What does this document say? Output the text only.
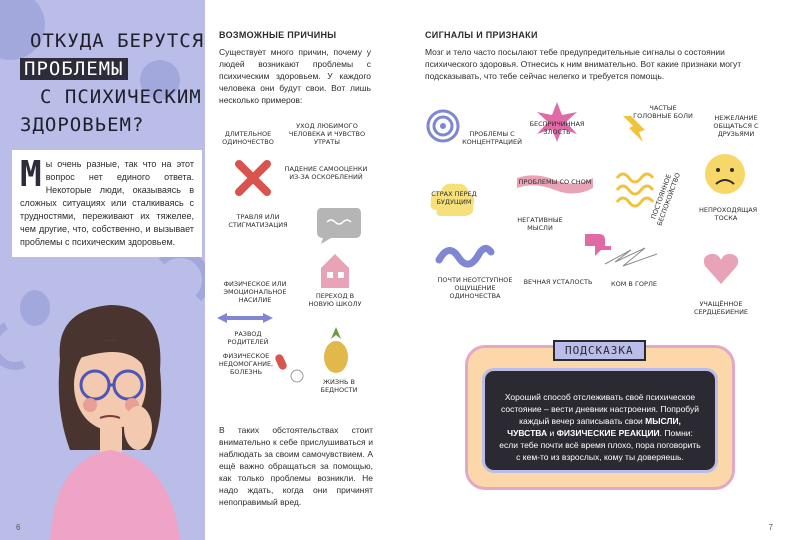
ОТКУДА БЕРУТСЯ
ПРОБЛЕМЫ
С ПСИХИЧЕСКИМ
ЗДОРОВЬЕМ?
М ы очень разные, так что на этот вопрос нет единого ответа. Некоторые люди, оказываясь в сложных ситуациях или сталкиваясь с трудностями, переживают их тяжелее, чем другие, что, собственно, и вызывает проблемы с психическим здоровьем.
6
ВОЗМОЖНЫЕ ПРИЧИНЫ

Существует много причин, почему у людей возникают проблемы с психическим здоровьем. У каждого человека они будут свои. Вот лишь несколько примеров:

ДЛИТЕЛЬНОЕ ОДИНОЧЕСТВО
УХОД ЛЮБИМОГО ЧЕЛОВЕКА И ЧУВСТВО УТРАТЫ
ПАДЕНИЕ САМООЦЕНКИ ИЗ-ЗА ОСКОРБЛЕНИЙ
ТРАВЛЯ ИЛИ СТИГМАТИЗАЦИЯ
ФИЗИЧЕСКОЕ ИЛИ ЭМОЦИОНАЛЬНОЕ НАСИЛИЕ	ПЕРЕХОД В НОВУЮ ШКОЛУ
РАЗВОД РОДИТЕЛЕЙ
ФИЗИЧЕСКОЕ НЕДОМОГАНИЕ, БОЛЕЗНЬ
ЖИЗНЬ В БЕДНОСТИ

В таких обстоятельствах стоит внимательно к себе прислушиваться и наблюдать за своим самочувствием. А ещё важно обращаться за помощью, как только проблемы возникли. Не надо ждать, когда они причинят непоправимый вред.

СИГНАЛЫ И ПРИЗНАКИ

Мозг и тело часто посылают тебе предупредительные сигналы о состоянии психического здоровья. Отнесись к ним внимательно. Вот какие признаки могут подсказывать, что тебе сейчас нелегко и требуется помощь.

ПРОБЛЕМЫ С КОНЦЕНТРАЦИЕЙ
БЕСПРИЧИННАЯ ЗЛОСТЬ
ЧАСТЫЕ ГОЛОВНЫЕ БОЛИ	НЕЖЕЛАНИЕ ОБЩАТЬСЯ С ДРУЗЬЯМИ
СТРАХ ПЕРЕД БУДУЩИМ
ПРОБЛЕМЫ СО СНОМ	ПОСТОЯННОЕ БЕСПОКОЙСТВО	НЕПРОХОДЯЩАЯ ТОСКА
НЕГАТИВНЫЕ МЫСЛИ
ПОЧТИ НЕОТСТУПНОЕ ОЩУЩЕНИЕ ОДИНОЧЕСТВА
ВЕЧНАЯ УСТАЛОСТЬ	КОМ В ГОРЛЕ
УЧАЩЁННОЕ СЕРДЦЕБИЕНИЕ
ПОДСКАЗКА
Хороший способ отслеживать своё психическое состояние – вести дневник настроения. Попробуй каждый вечер записывать свои МЫСЛИ, ЧУВСТВА и ФИЗИЧЕСКИЕ РЕАКЦИИ. Помни: если тебе почти всё время плохо, пора поговорить с кем-то из взрослых, кому ты доверяешь.
7
